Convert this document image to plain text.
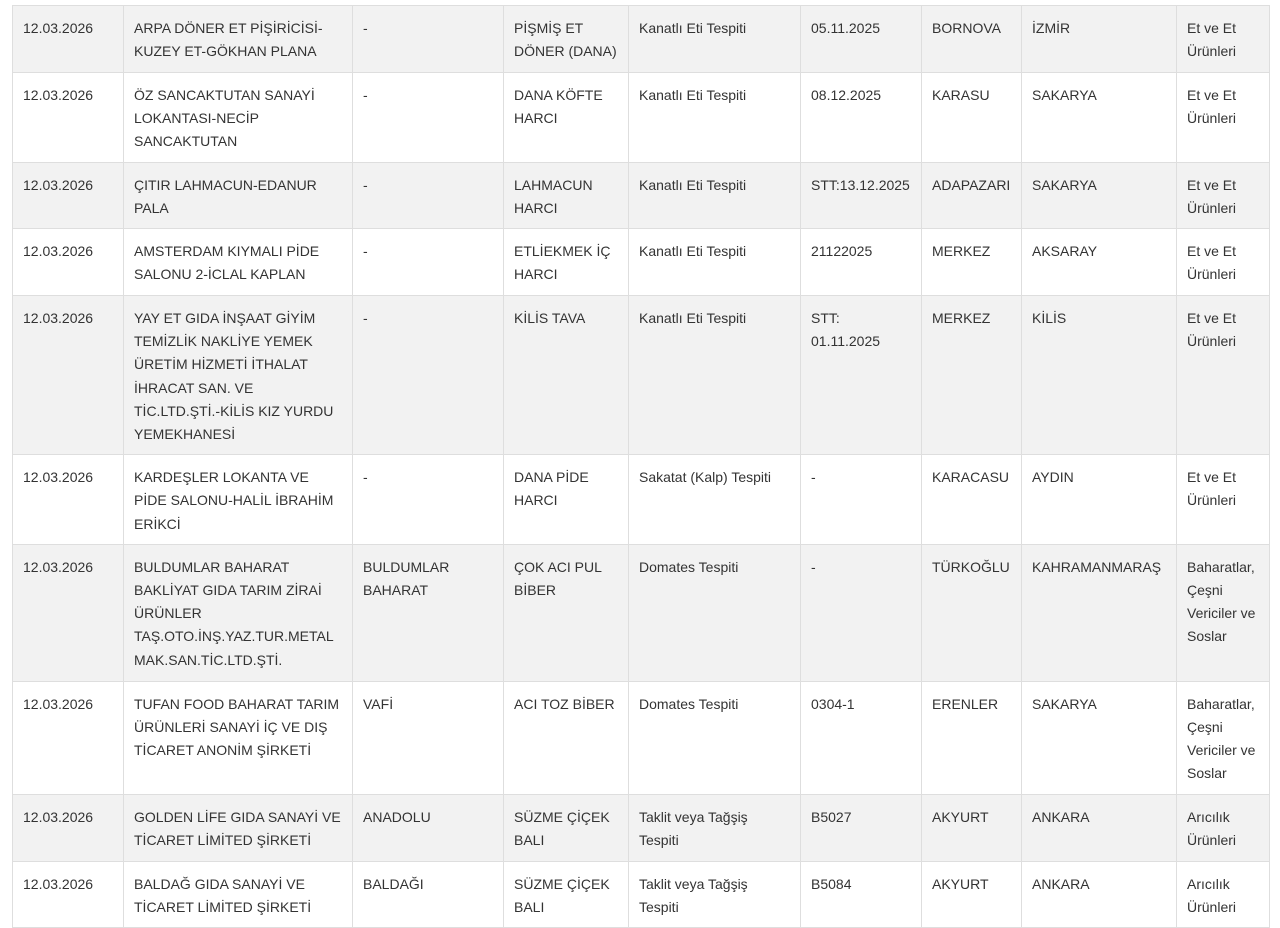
12.03.2026	ARPA DÖNER ET PİŞİRİCİSİ-KUZEY ET-GÖKHAN PLANA	-	PİŞMİŞ ET DÖNER (DANA)	Kanatlı Eti Tespiti	05.11.2025	BORNOVA	İZMİR	Et ve Et Ürünleri
12.03.2026	ÖZ SANCAKTUTAN SANAYİ LOKANTASI-NECİP SANCAKTUTAN	-	DANA KÖFTE HARCI	Kanatlı Eti Tespiti	08.12.2025	KARASU	SAKARYA	Et ve Et Ürünleri
12.03.2026	ÇITIR LAHMACUN-EDANUR PALA	-	LAHMACUN HARCI	Kanatlı Eti Tespiti	STT:13.12.2025	ADAPAZARI	SAKARYA	Et ve Et Ürünleri
12.03.2026	AMSTERDAM KIYMALI PİDE SALONU 2-İCLAL KAPLAN	-	ETLİEKMEK İÇ HARCI	Kanatlı Eti Tespiti	21122025	MERKEZ	AKSARAY	Et ve Et Ürünleri
12.03.2026	YAY ET GIDA İNŞAAT GİYİM TEMİZLİK NAKLİYE YEMEK ÜRETİM HİZMETİ İTHALAT İHRACAT SAN. VE TİC.LTD.ŞTİ.-KİLİS KIZ YURDU YEMEKHANESİ	-	KİLİS TAVA	Kanatlı Eti Tespiti	STT: 01.11.2025	MERKEZ	KİLİS	Et ve Et Ürünleri
12.03.2026	KARDEŞLER LOKANTA VE PİDE SALONU-HALİL İBRAHİM ERİKCİ	-	DANA PİDE HARCI	Sakatat (Kalp) Tespiti	-	KARACASU	AYDIN	Et ve Et Ürünleri
12.03.2026	BULDUMLAR BAHARAT BAKLİYAT GIDA TARIM ZİRAİ ÜRÜNLER TAŞ.OTO.İNŞ.YAZ.TUR.METAL MAK.SAN.TİC.LTD.ŞTİ.	BULDUMLAR BAHARAT	ÇOK ACI PUL BİBER	Domates Tespiti	-	TÜRKOĞLU	KAHRAMANMARAŞ	Baharatlar, Çeşni Vericiler ve Soslar
12.03.2026	TUFAN FOOD BAHARAT TARIM ÜRÜNLERİ SANAYİ İÇ VE DIŞ TİCARET ANONİM ŞİRKETİ	VAFİ	ACI TOZ BİBER	Domates Tespiti	0304-1	ERENLER	SAKARYA	Baharatlar, Çeşni Vericiler ve Soslar
12.03.2026	GOLDEN LİFE GIDA SANAYİ VE TİCARET LİMİTED ŞİRKETİ	ANADOLU	SÜZME ÇİÇEK BALI	Taklit veya Tağşiş Tespiti	B5027	AKYURT	ANKARA	Arıcılık Ürünleri
12.03.2026	BALDAĞ GIDA SANAYİ VE TİCARET LİMİTED ŞİRKETİ	BALDAĞI	SÜZME ÇİÇEK BALI	Taklit veya Tağşiş Tespiti	B5084	AKYURT	ANKARA	Arıcılık Ürünleri
